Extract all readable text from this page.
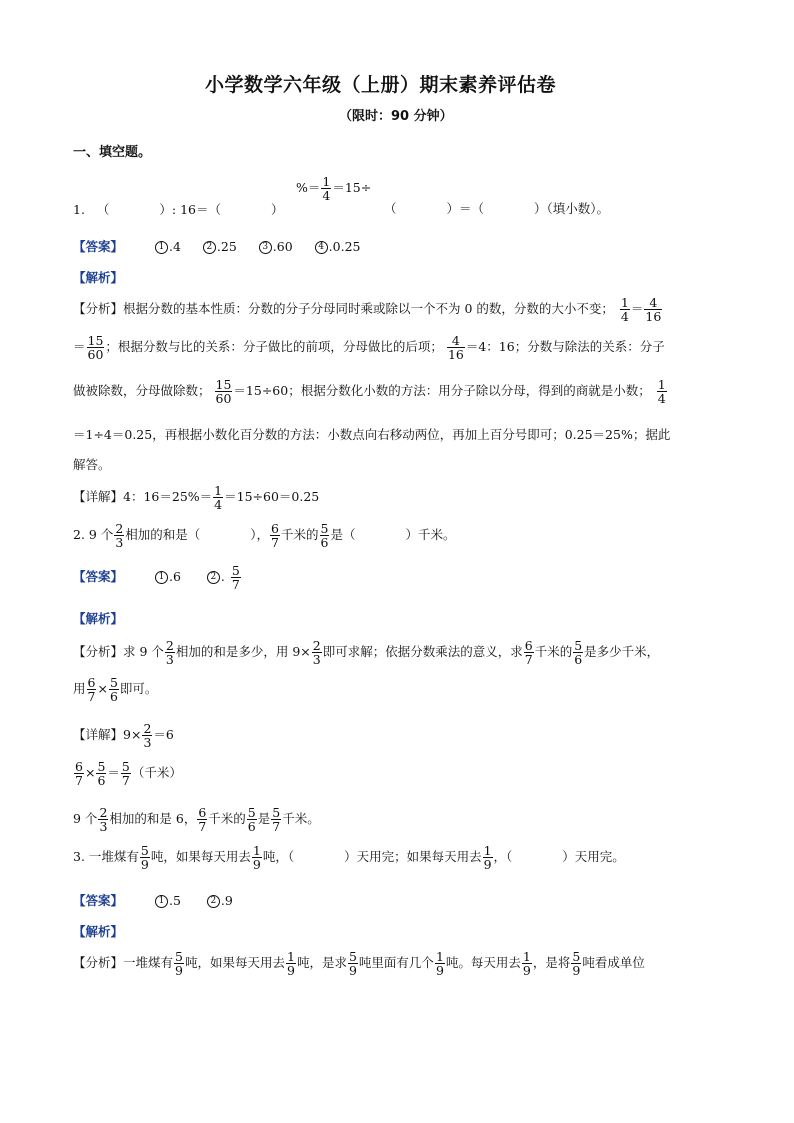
小学数学六年级（上册）期末素养评估卷
（限时：90 分钟）
一、填空题。
1. （　　　　）: 16＝（　　　　）
%＝ $\frac{1}{4} =15\div$
（　　　　）＝（　　　　）（填小数）。
【答案】	1 .4	2 .25	3 .60	4 .0.25
【解析】
【分析】根据分数的基本性质：分数的分子分母同时乘或除以一个不为 0 的数，分数的大小不变； $\frac{1}{4} = \frac{4}{16}$
＝ $\frac{15}{60}$ ；根据分数与比的关系：分子做比的前项，分母做比的后项； $\frac{4}{16} =4$：16；分数与除法的关系：分子
做被除数，分母做除数； $\frac{15}{60} =15\div 60$；根据分数化小数的方法：用分子除以分母，得到的商就是小数； $\frac{1}{4}$
＝1÷4＝0.25，再根据小数化百分数的方法：小数点向右移动两位，再加上百分号即可；0.25＝25%；据此
解答。
【详解】4：$16=25\%= \frac{1}{4} =15\div 60=0.25$
2. 9 个 $\frac{2}{3}$ 相加的和是（　　　　）， $\frac{6}{7}$ 千米的 $\frac{5}{6}$ 是（　　　　）千米。
【答案】	1 .6	2 . $\frac{5}{7}$
【解析】
【分析】求 9 个 $\frac{2}{3}$ 相加的和是多少，用 $9\times \frac{2}{3}$ 即可求解；依据分数乘法的意义，求 $\frac{6}{7}$ 千米的 $\frac{5}{6}$ 是多少千米，
用 $\frac{6}{7} \times \frac{5}{6}$ 即可。
【详解】$9\times \frac{2}{3} =6$
$\frac{6}{7} \times \frac{5}{6} = \frac{5}{7}$ （千米）
9 个 $\frac{2}{3}$ 相加的和是 6， $\frac{6}{7}$ 千米的 $\frac{5}{6}$ 是 $\frac{5}{7}$ 千米。
3. 一堆煤有 $\frac{5}{9}$ 吨，如果每天用去 $\frac{1}{9}$ 吨，（　　　　）天用完；如果每天用去 $\frac{1}{9}$ ，（　　　　）天用完。
【答案】	1 .5	2 .9
【解析】
【分析】一堆煤有 $\frac{5}{9}$ 吨，如果每天用去 $\frac{1}{9}$ 吨，是求 $\frac{5}{9}$ 吨里面有几个 $\frac{1}{9}$ 吨。每天用去 $\frac{1}{9}$ ，是将 $\frac{5}{9}$ 吨看成单位
